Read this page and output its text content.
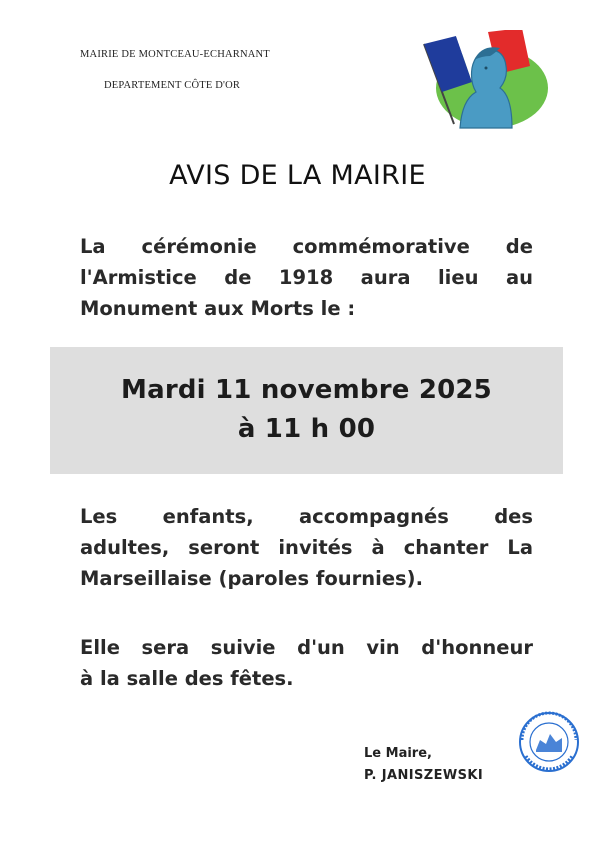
MAIRIE DE MONTCEAU-ECHARNANT
DEPARTEMENT CÔTE D'OR
AVIS DE LA MAIRIE
La cérémonie commémorative de
l'Armistice de 1918 aura lieu au
Monument aux Morts le :
Mardi 11 novembre 2025
à 11 h 00
Les enfants, accompagnés des
adultes, seront invités à chanter La
Marseillaise (paroles fournies).
Elle sera suivie d'un vin d'honneur
à la salle des fêtes.
Le Maire,
P. JANISZEWSKI
